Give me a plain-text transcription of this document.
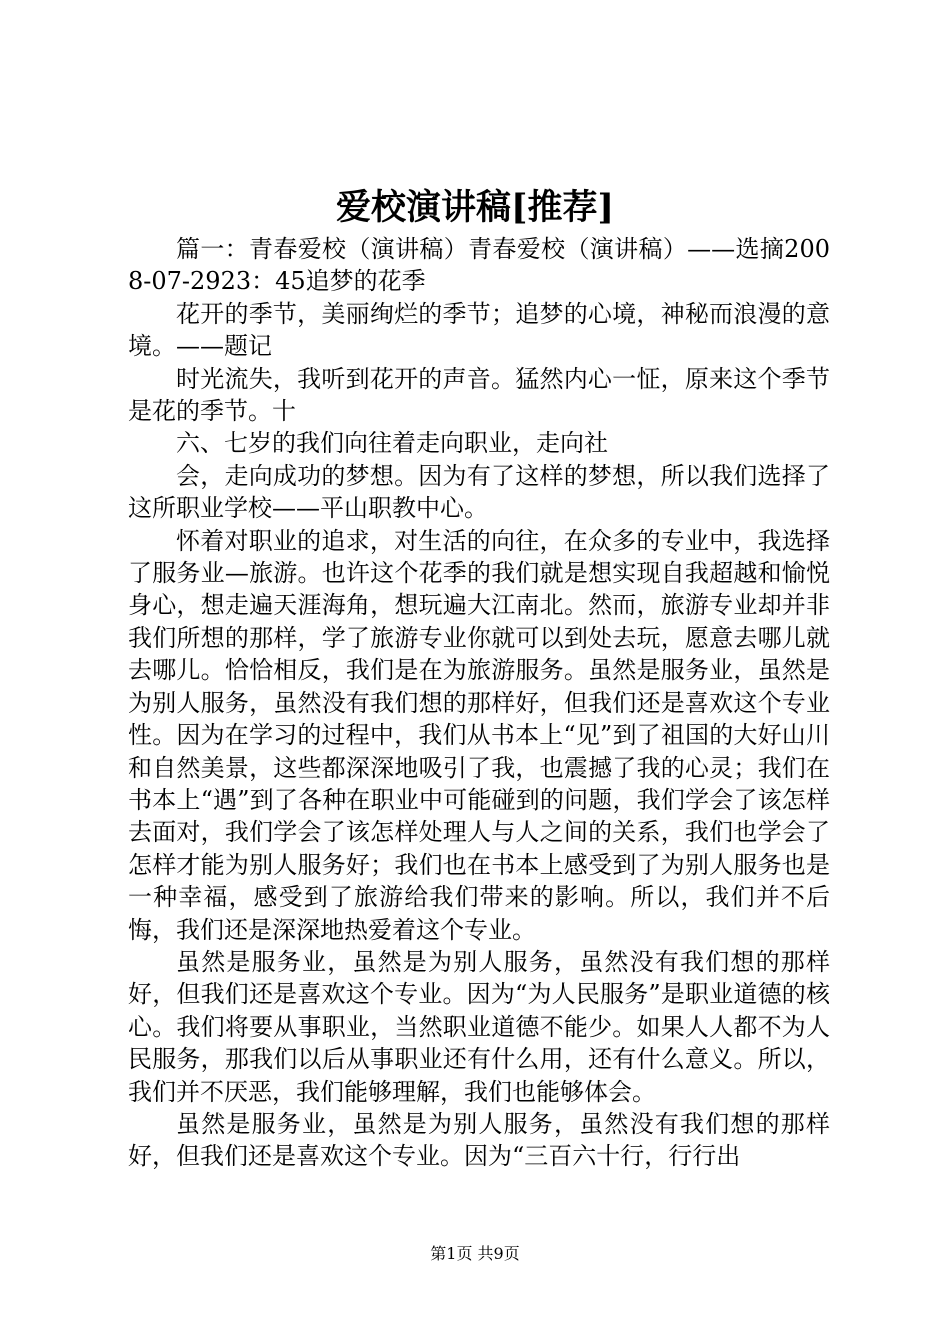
爱校演讲稿[推荐]

篇一：青春爱校（演讲稿）青春爱校（演讲稿）——选摘2008-07-2923：45追梦的花季

花开的季节，美丽绚烂的季节；追梦的心境，神秘而浪漫的意境。——题记

时光流失，我听到花开的声音。猛然内心一怔，原来这个季节是花的季节。十

六、七岁的我们向往着走向职业，走向社

会，走向成功的梦想。因为有了这样的梦想，所以我们选择了这所职业学校——平山职教中心。

怀着对职业的追求，对生活的向往，在众多的专业中，我选择了服务业—旅游。也许这个花季的我们就是想实现自我超越和愉悦身心，想走遍天涯海角，想玩遍大江南北。然而，旅游专业却并非我们所想的那样，学了旅游专业你就可以到处去玩，愿意去哪儿就去哪儿。恰恰相反，我们是在为旅游服务。虽然是服务业，虽然是为别人服务，虽然没有我们想的那样好，但我们还是喜欢这个专业性。因为在学习的过程中，我们从书本上“见”到了祖国的大好山川和自然美景，这些都深深地吸引了我，也震撼了我的心灵；我们在书本上“遇”到了各种在职业中可能碰到的问题，我们学会了该怎样去面对，我们学会了该怎样处理人与人之间的关系，我们也学会了怎样才能为别人服务好；我们也在书本上感受到了为别人服务也是一种幸福，感受到了旅游给我们带来的影响。所以，我们并不后悔，我们还是深深地热爱着这个专业。

虽然是服务业，虽然是为别人服务，虽然没有我们想的那样好，但我们还是喜欢这个专业。因为“为人民服务”是职业道德的核心。我们将要从事职业，当然职业道德不能少。如果人人都不为人民服务，那我们以后从事职业还有什么用，还有什么意义。所以，我们并不厌恶，我们能够理解，我们也能够体会。

虽然是服务业，虽然是为别人服务，虽然没有我们想的那样好，但我们还是喜欢这个专业。因为“三百六十行，行行出

第1页 共9页
